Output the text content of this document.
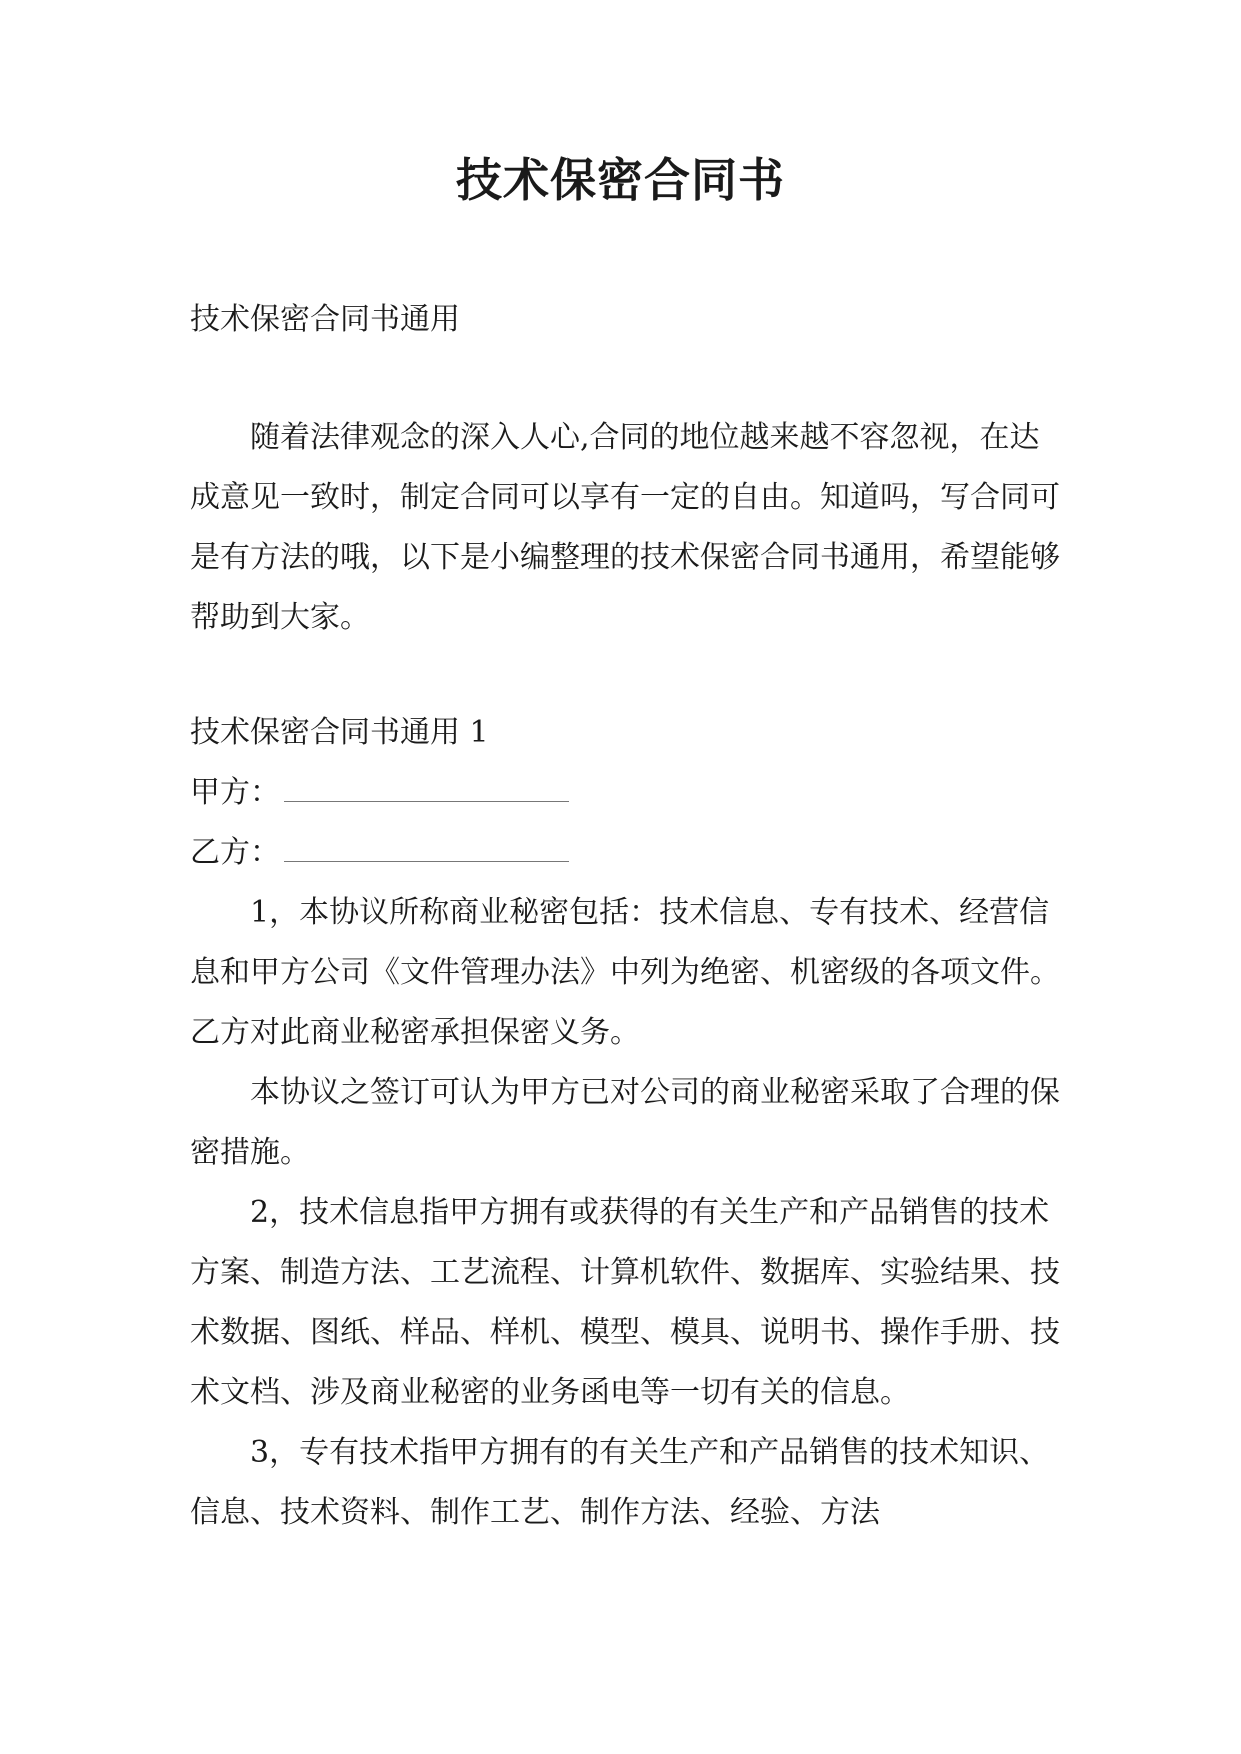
技术保密合同书

技术保密合同书通用

随着法律观念的深入人心,合同的地位越来越不容忽视，在达成意见一致时，制定合同可以享有一定的自由。知道吗，写合同可是有方法的哦，以下是小编整理的技术保密合同书通用，希望能够帮助到大家。

技术保密合同书通用 1

甲方：

乙方：

1，本协议所称商业秘密包括：技术信息、专有技术、经营信息和甲方公司《文件管理办法》中列为绝密、机密级的各项文件。乙方对此商业秘密承担保密义务。

本协议之签订可认为甲方已对公司的商业秘密采取了合理的保密措施。

2，技术信息指甲方拥有或获得的有关生产和产品销售的技术方案、制造方法、工艺流程、计算机软件、数据库、实验结果、技术数据、图纸、样品、样机、模型、模具、说明书、操作手册、技术文档、涉及商业秘密的业务函电等一切有关的信息。

3，专有技术指甲方拥有的有关生产和产品销售的技术知识、信息、技术资料、制作工艺、制作方法、经验、方法
